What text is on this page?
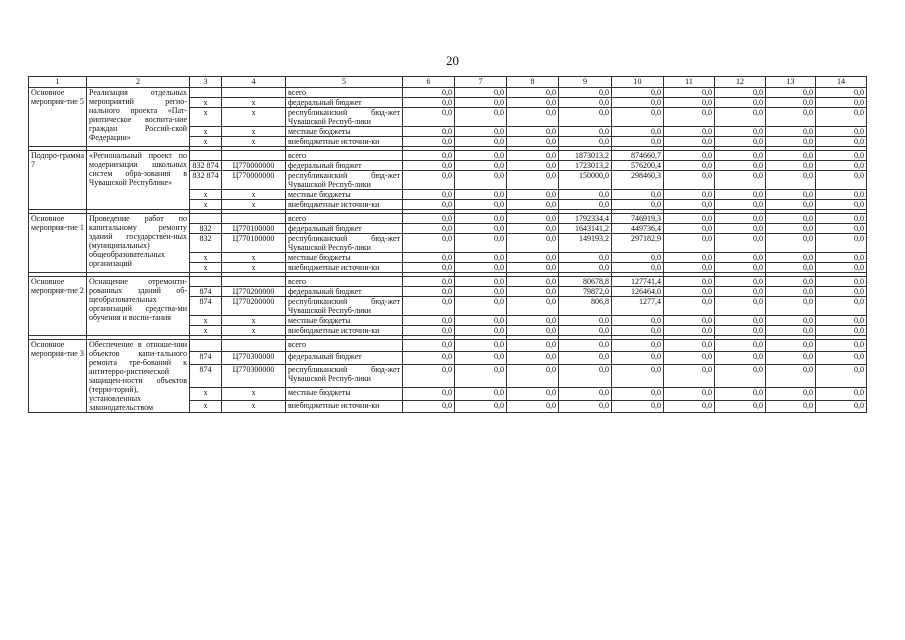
20
1	2	3	4	5	6	7	8	9	10	11	12	13	14
Основное мероприя-тие 5	Реализация отдельных мероприятий регио-нального проекта «Пат-риотическое воспита-ние граждан Россий-ской Федерации»			всего	0,0	0,0	0,0	0,0	0,0	0,0	0,0	0,0	0,0
		x	x	федеральный бюджет	0,0	0,0	0,0	0,0	0,0	0,0	0,0	0,0	0,0
		x	x	республиканский бюд-жет Чувашской Респуб-лики	0,0	0,0	0,0	0,0	0,0	0,0	0,0	0,0	0,0
		x	x	местные бюджеты	0,0	0,0	0,0	0,0	0,0	0,0	0,0	0,0	0,0
		x	x	внебюджетные источни-ки	0,0	0,0	0,0	0,0	0,0	0,0	0,0	0,0	0,0

Подпро-грамма 7	«Региональный проект по модернизации школьных систем обра-зования в Чувашской Республике»			всего	0,0	0,0	0,0	1873013,2	874660,7	0,0	0,0	0,0	0,0
		832 874	Ц770000000	федеральный бюджет	0,0	0,0	0,0	1723013,2	576200,4	0,0	0,0	0,0	0,0
		832 874	Ц770000000	республиканский бюд-жет Чувашской Респуб-лики	0,0	0,0	0,0	150000,0	298460,3	0,0	0,0	0,0	0,0
		x	x	местные бюджеты	0,0	0,0	0,0	0,0	0,0	0,0	0,0	0,0	0,0
		x	x	внебюджетные источни-ки	0,0	0,0	0,0	0,0	0,0	0,0	0,0	0,0	0,0

Основное мероприя-тие 1	Проведение работ по капитальному ремонту зданий государствен-ных (муниципальных) общеобразовательных организаций			всего	0,0	0,0	0,0	1792334,4	746919,3	0,0	0,0	0,0	0,0
		832	Ц770100000	федеральный бюджет	0,0	0,0	0,0	1643141,2	449736,4	0,0	0,0	0,0	0,0
		832	Ц770100000	республиканский бюд-жет Чувашской Респуб-лики	0,0	0,0	0,0	149193,2	297182,9	0,0	0,0	0,0	0,0
		x	x	местные бюджеты	0,0	0,0	0,0	0,0	0,0	0,0	0,0	0,0	0,0
		x	x	внебюджетные источни-ки	0,0	0,0	0,0	0,0	0,0	0,0	0,0	0,0	0,0

Основное мероприя-тие 2	Оснащение отремонти-рованных зданий об-щеобразовательных организаций средства-ми обучения и воспи-тания			всего	0,0	0,0	0,0	80678,8	127741,4	0,0	0,0	0,0	0,0
		874	Ц770200000	федеральный бюджет	0,0	0,0	0,0	79872,0	126464,0	0,0	0,0	0,0	0,0
		874	Ц770200000	республиканский бюд-жет Чувашской Респуб-лики	0,0	0,0	0,0	806,8	1277,4	0,0	0,0	0,0	0,0
		x	x	местные бюджеты	0,0	0,0	0,0	0,0	0,0	0,0	0,0	0,0	0,0
		x	x	внебюджетные источни-ки	0,0	0,0	0,0	0,0	0,0	0,0	0,0	0,0	0,0

Основное мероприя-тие 3	Обеспечение в отноше-нии объектов капи-тального ремонта тре-бований к антитерро-ристической защищен-ности объектов (терри-торий), установленных законодательством			всего	0,0	0,0	0,0	0,0	0,0	0,0	0,0	0,0	0,0
		874	Ц770300000	федеральный бюджет	0,0	0,0	0,0	0,0	0,0	0,0	0,0	0,0	0,0
		874	Ц770300000	республиканский бюд-жет Чувашской Респуб-лики	0,0	0,0	0,0	0,0	0,0	0,0	0,0	0,0	0,0
		x	x	местные бюджеты	0,0	0,0	0,0	0,0	0,0	0,0	0,0	0,0	0,0
		x	x	внебюджетные источни-ки	0,0	0,0	0,0	0,0	0,0	0,0	0,0	0,0	0,0
